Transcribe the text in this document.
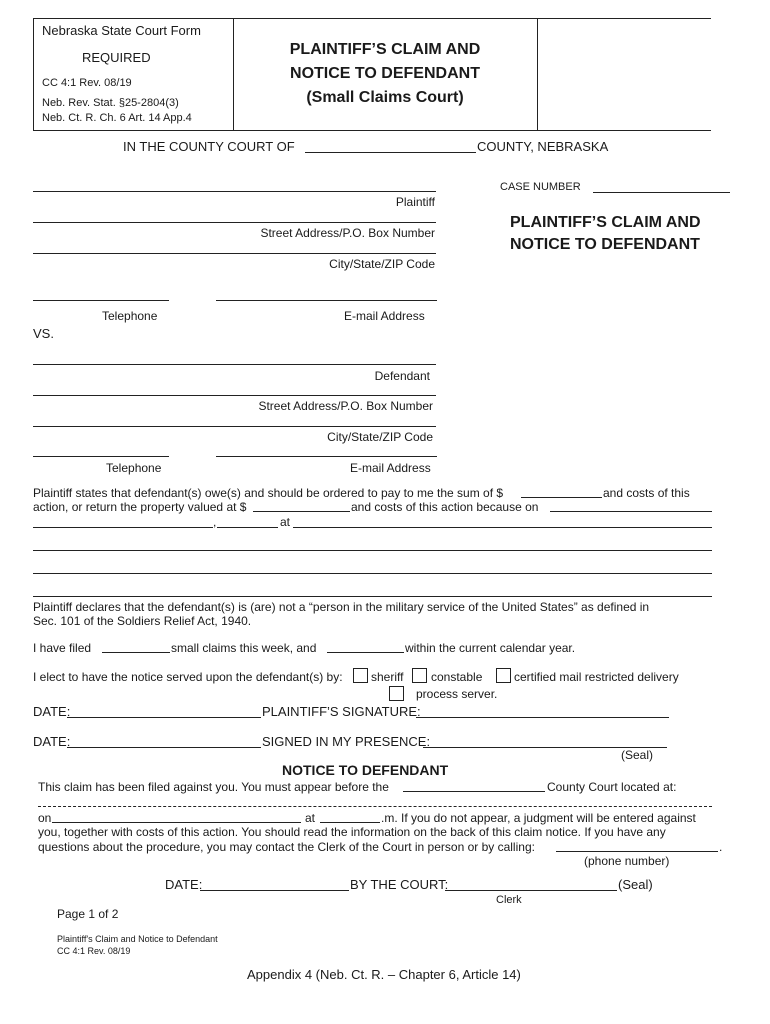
Nebraska State Court Form
REQUIRED
CC 4:1 Rev. 08/19
Neb. Rev. Stat. §25-2804(3)
Neb. Ct. R. Ch. 6 Art. 14 App.4
PLAINTIFF’S CLAIM AND
NOTICE TO DEFENDANT
(Small Claims Court)
IN THE COUNTY COURT OF	COUNTY, NEBRASKA
CASE NUMBER
PLAINTIFF’S CLAIM AND
NOTICE TO DEFENDANT
Plaintiff
Street Address/P.O. Box Number
City/State/ZIP Code
Telephone	E-mail Address
VS.
Defendant
Street Address/P.O. Box Number
City/State/ZIP Code
Telephone	E-mail Address
Plaintiff states that defendant(s) owe(s) and should be ordered to pay to me the sum of $	and costs of this
action, or return the property valued at $	and costs of this action because on
,	at
Plaintiff declares that the defendant(s) is (are) not a “person in the military service of the United States” as defined in
Sec. 101 of the Soldiers Relief Act, 1940.
I have filed	small claims this week, and	within the current calendar year.
I elect to have the notice served upon the defendant(s) by: sheriff constable	certified mail restricted delivery
process server.
DATE:	PLAINTIFF’S SIGNATURE:
DATE:	SIGNED IN MY PRESENCE:
(Seal)
NOTICE TO DEFENDANT
This claim has been filed against you. You must appear before the	County Court located at:
on	at	.m. If you do not appear, a judgment will be entered against
you, together with costs of this action. You should read the information on the back of this claim notice. If you have any
questions about the procedure, you may contact the Clerk of the Court in person or by calling:	.
(phone number)
DATE:	BY THE COURT:	(Seal)
Clerk
Page 1 of 2
Plaintiff's Claim and Notice to Defendant
CC 4:1 Rev. 08/19
Appendix 4 (Neb. Ct. R. – Chapter 6, Article 14)
